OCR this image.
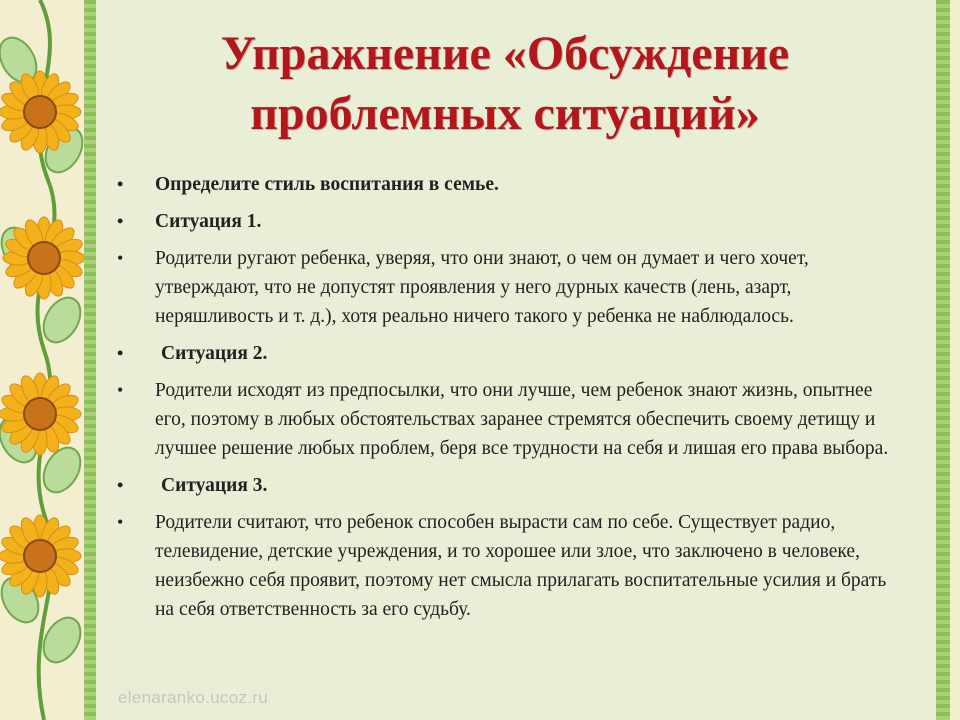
Упражнение «Обсуждение проблемных ситуаций»
• Определите стиль воспитания в семье.
• Ситуация 1.
• Родители ругают ребенка, уверяя, что они знают, о чем он думает и чего хочет, утверждают, что не допустят проявления у него дурных качеств (лень, азарт, неряшливость и т. д.), хотя реально ничего такого у ребенка не наблюдалось.
• Ситуация 2.
• Родители исходят из предпосылки, что они лучше, чем ребенок знают жизнь, опытнее его, поэтому в любых обстоятельствах заранее стремятся обеспечить своему детищу и лучшее решение любых проблем, беря все трудности на себя и лишая его права выбора.
• Ситуация 3.
• Родители считают, что ребенок способен вырасти сам по себе. Существует радио, телевидение, детские учреждения, и то хорошее или злое, что заключено в человеке, неизбежно себя проявит, поэтому нет смысла прилагать воспитательные усилия и брать на себя ответственность за его судьбу.
elenaranko.ucoz.ru
